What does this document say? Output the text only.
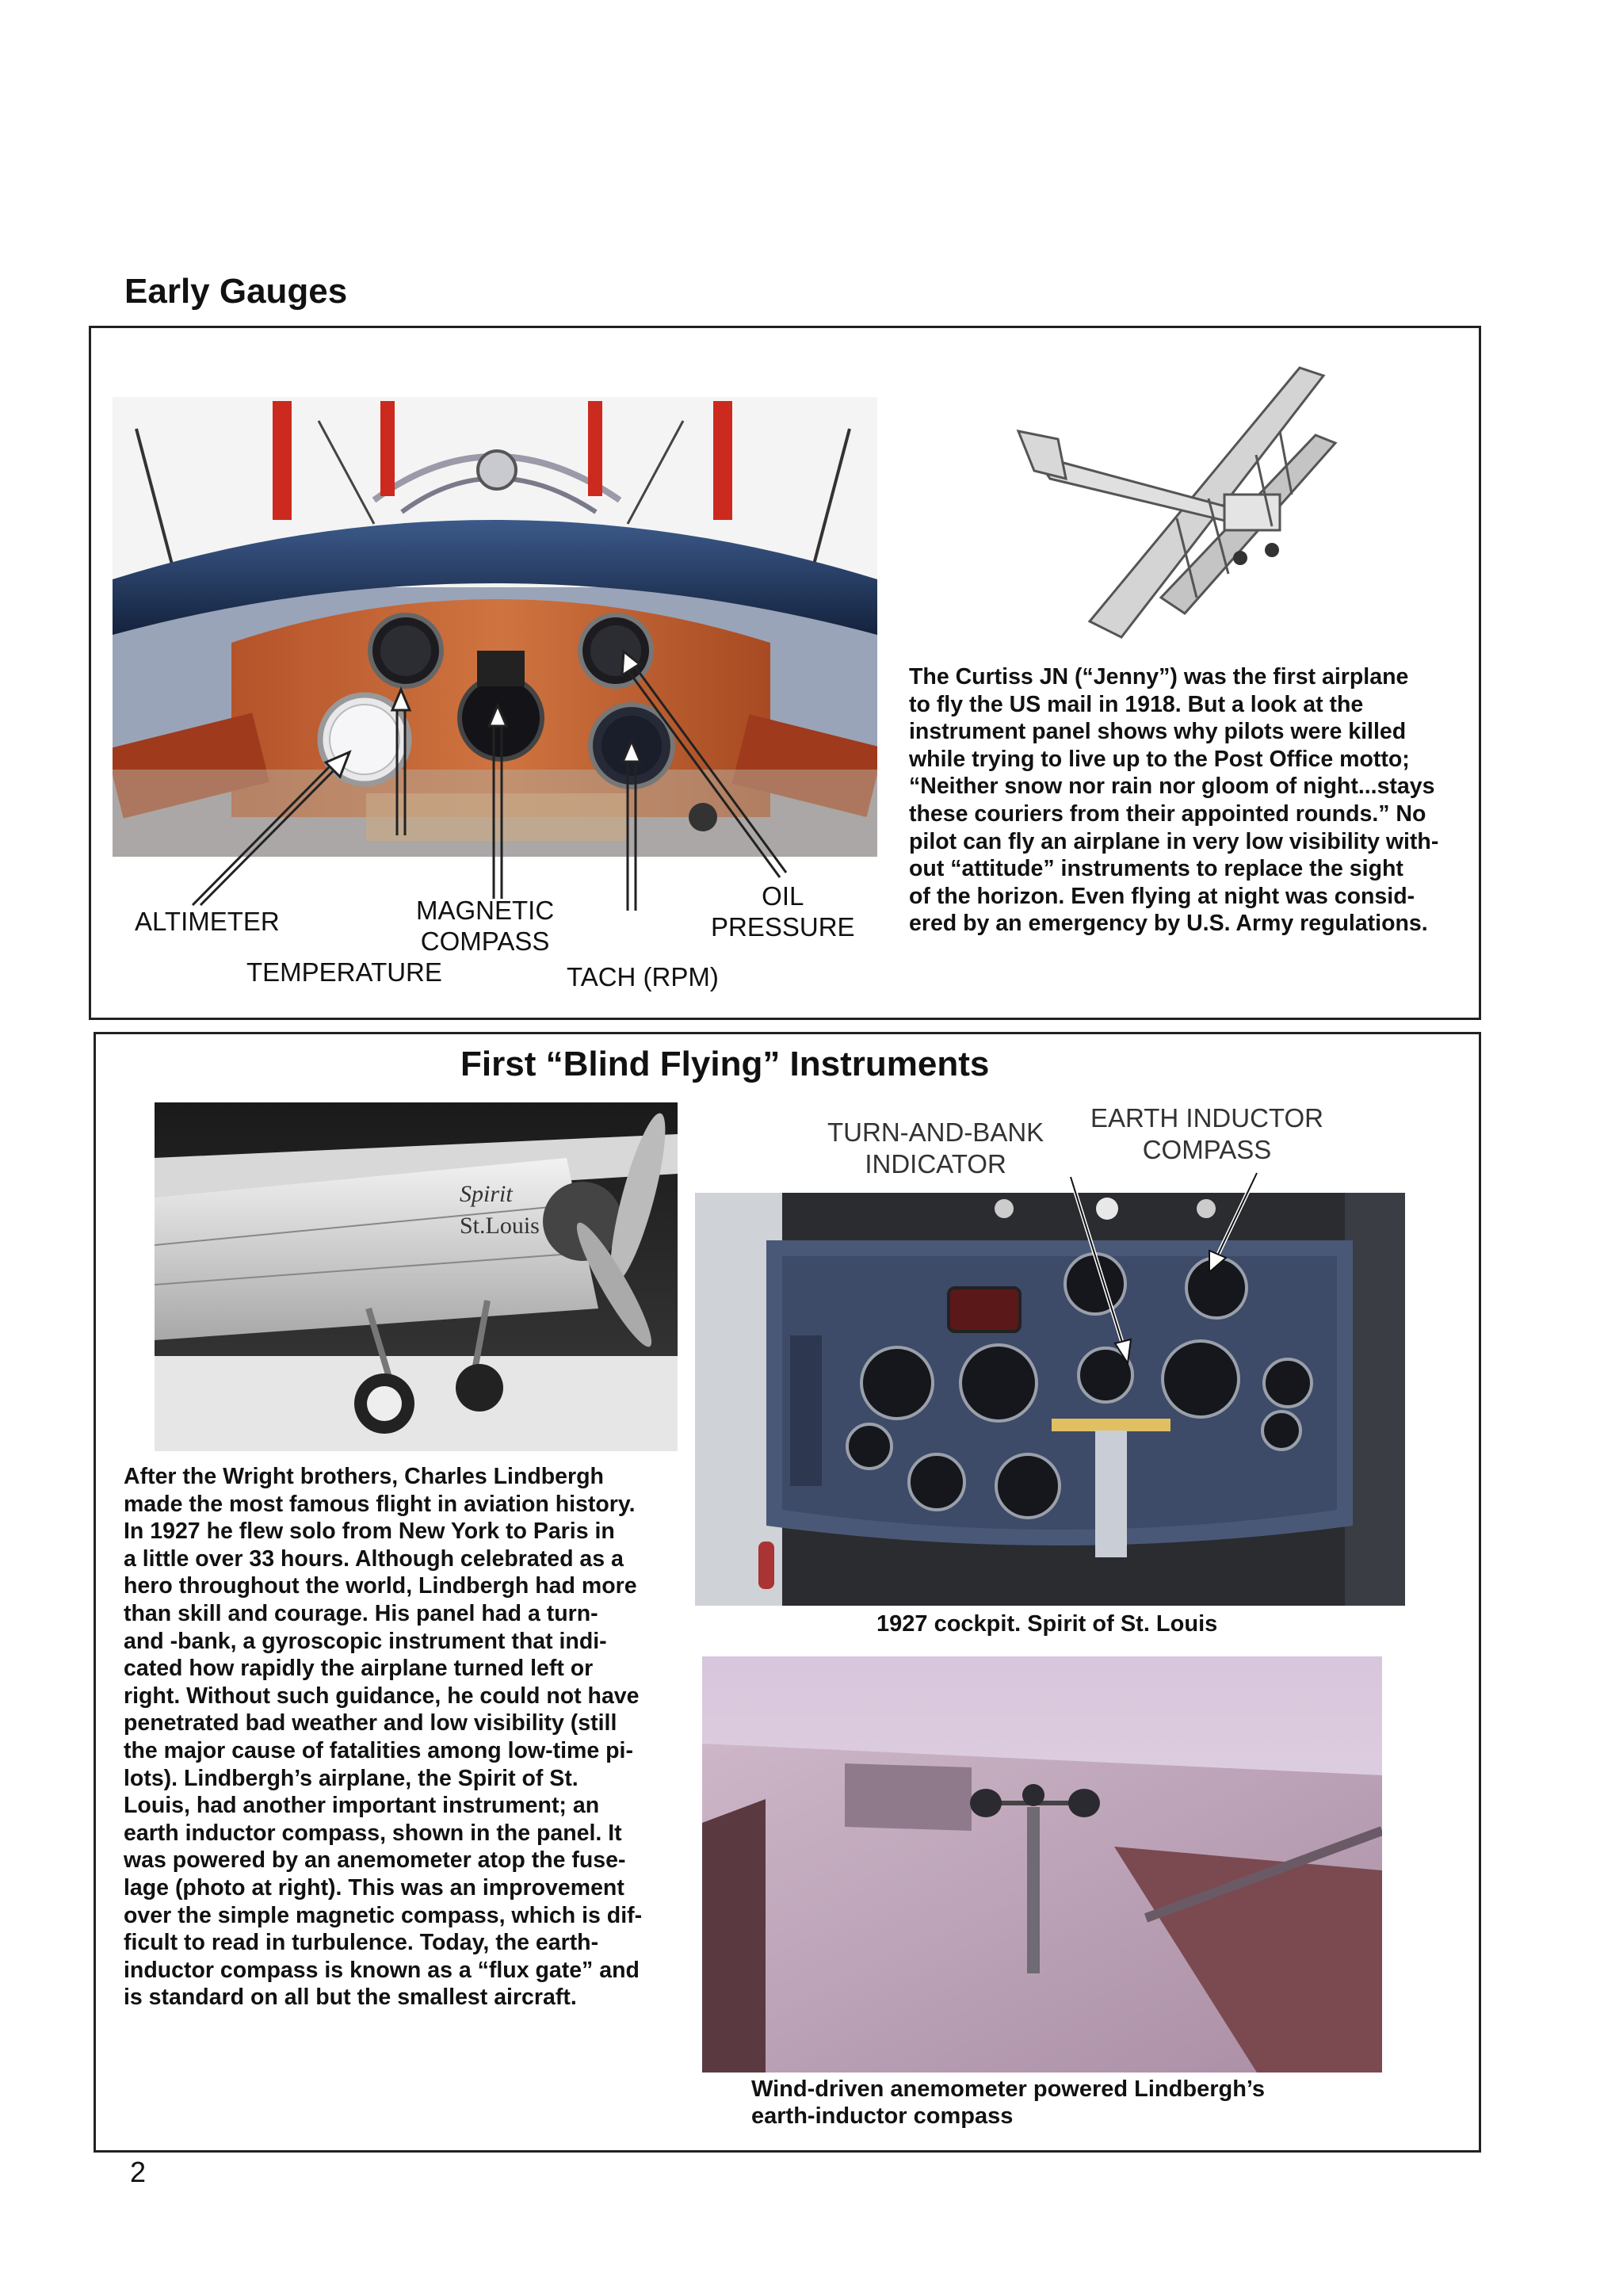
Early Gauges
ALTIMETER	MAGNETIC
COMPASS
TEMPERATURE	TACH (RPM)
OIL
PRESSURE
The Curtiss JN (“Jenny”) was the first airplane
to fly the US mail in 1918. But a look at the
instrument panel shows why pilots were killed
while trying to live up to the Post Office motto;
“Neither snow nor rain nor gloom of night...stays
these couriers from their appointed rounds.” No
pilot can fly an airplane in very low visibility with-
out “attitude” instruments to replace the sight
of the horizon. Even flying at night was consid-
ered by an emergency by U.S. Army regulations.
First “Blind Flying” Instruments
Spirit
St.Louis
After the Wright brothers, Charles Lindbergh
made the most famous flight in aviation history.
In 1927 he flew solo from New York to Paris in
a little over 33 hours. Although celebrated as a
hero throughout the world, Lindbergh had more
than skill and courage. His panel had a turn-
and -bank, a gyroscopic instrument that indi-
cated how rapidly the airplane turned left or
right. Without such guidance, he could not have
penetrated bad weather and low visibility (still
the major cause of fatalities among low-time pi-
lots). Lindbergh’s airplane, the Spirit of St.
Louis, had another important instrument; an
earth inductor compass, shown in the panel. It
was powered by an anemometer atop the fuse-
lage (photo at right). This was an improvement
over the simple magnetic compass, which is dif-
ficult to read in turbulence. Today, the earth-
inductor compass is known as a “flux gate” and
is standard on all but the smallest aircraft.
TURN-AND-BANK
INDICATOR
EARTH INDUCTOR
COMPASS
1927 cockpit. Spirit of St. Louis
Wind-driven anemometer powered Lindbergh’s
earth-inductor compass
2
